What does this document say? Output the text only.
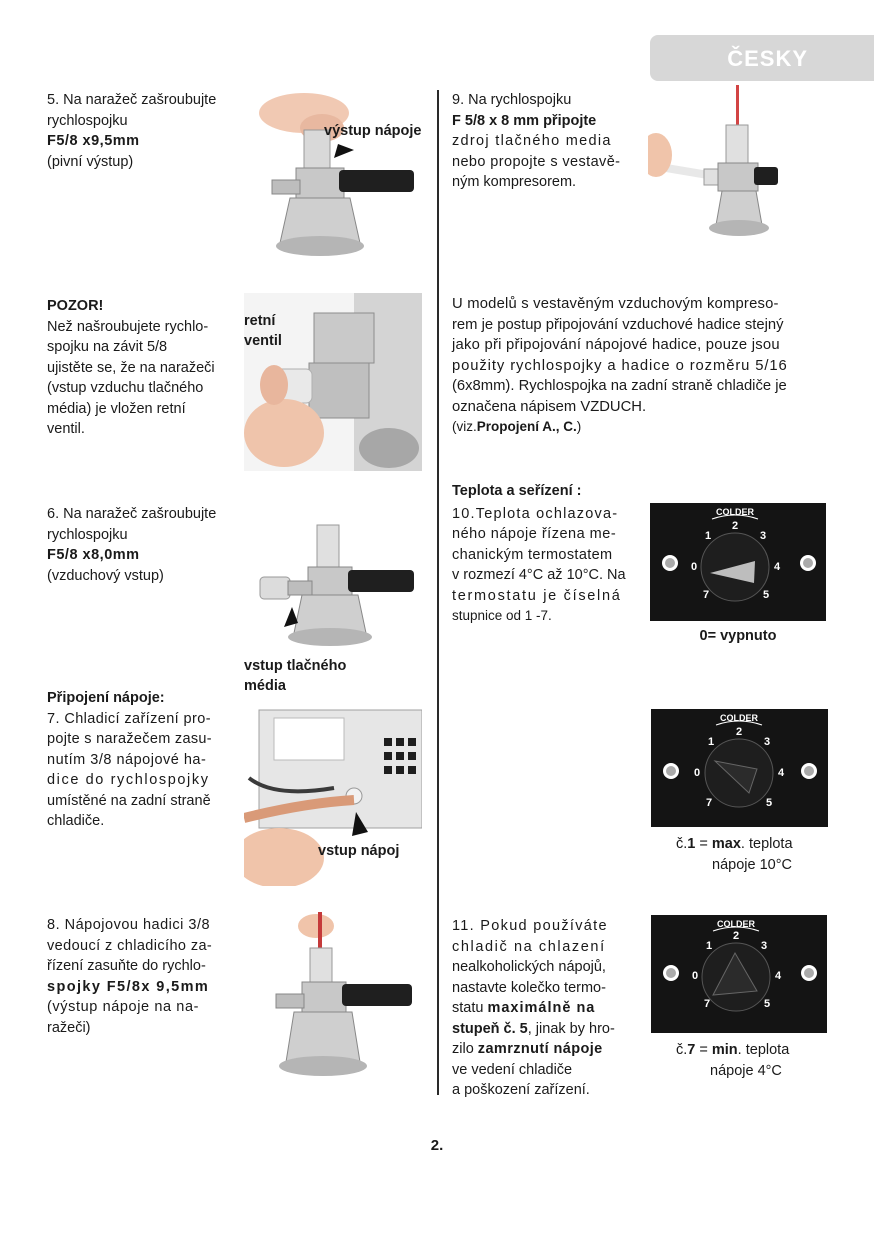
ČESKY
5. Na naražeč zašroubujte
rychlospojku
F5/8 x9,5mm
(pivní výstup)
výstup nápoje
POZOR!
Než našroubujete rychlo-
spojku na závit 5/8
ujistěte se, že na naražeči
(vstup vzduchu tlačného
média) je vložen retní
ventil.
retní
ventil
6. Na naražeč zašroubujte
rychlospojku
F5/8 x8,0mm
(vzduchový vstup)
vstup tlačného
média
Připojení nápoje:
7. Chladicí zařízení pro-
pojte s naražečem zasu-
nutím 3/8 nápojové ha-
dice do rychlospojky
umístěné na zadní straně
chladiče.
vstup nápoj
8. Nápojovou hadici 3/8
vedoucí z chladicího za-
řízení zasuňte do rychlo-
spojky F5/8x 9,5mm
(výstup nápoje na na-
ražeči)
9. Na rychlospojku
F 5/8 x 8 mm připojte
zdroj tlačného media
nebo propojte s vestavě-
ným kompresorem.
U modelů s vestavěným vzduchovým kompreso-
rem je postup připojování vzduchové hadice stejný
jako při připojování nápojové hadice, pouze jsou
použity rychlospojky a hadice o rozměru 5/16
(6x8mm). Rychlospojka na zadní straně chladiče je
označena nápisem VZDUCH.
(viz.Propojení A., C.)
Teplota a seřízení :
10.Teplota ochlazova-
ného nápoje řízena me-
chanickým termostatem
v rozmezí 4°C až 10°C. Na
termostatu je číselná
stupnice od 1 -7.
COLDER
0
1
2
3
4
5
7
0= vypnuto
COLDER
0
1
2
3
4
5
7
č.1 = max. teplota
nápoje 10°C
11. Pokud používáte
chladič na chlazení
nealkoholických nápojů,
nastavte kolečko termo-
statu maximálně na
stupeň č. 5, jinak by hro-
zilo zamrznutí nápoje
ve vedení chladiče
a poškození zařízení.
COLDER
0
1
2
3
4
5
7
č.7 = min. teplota
nápoje 4°C
2.
